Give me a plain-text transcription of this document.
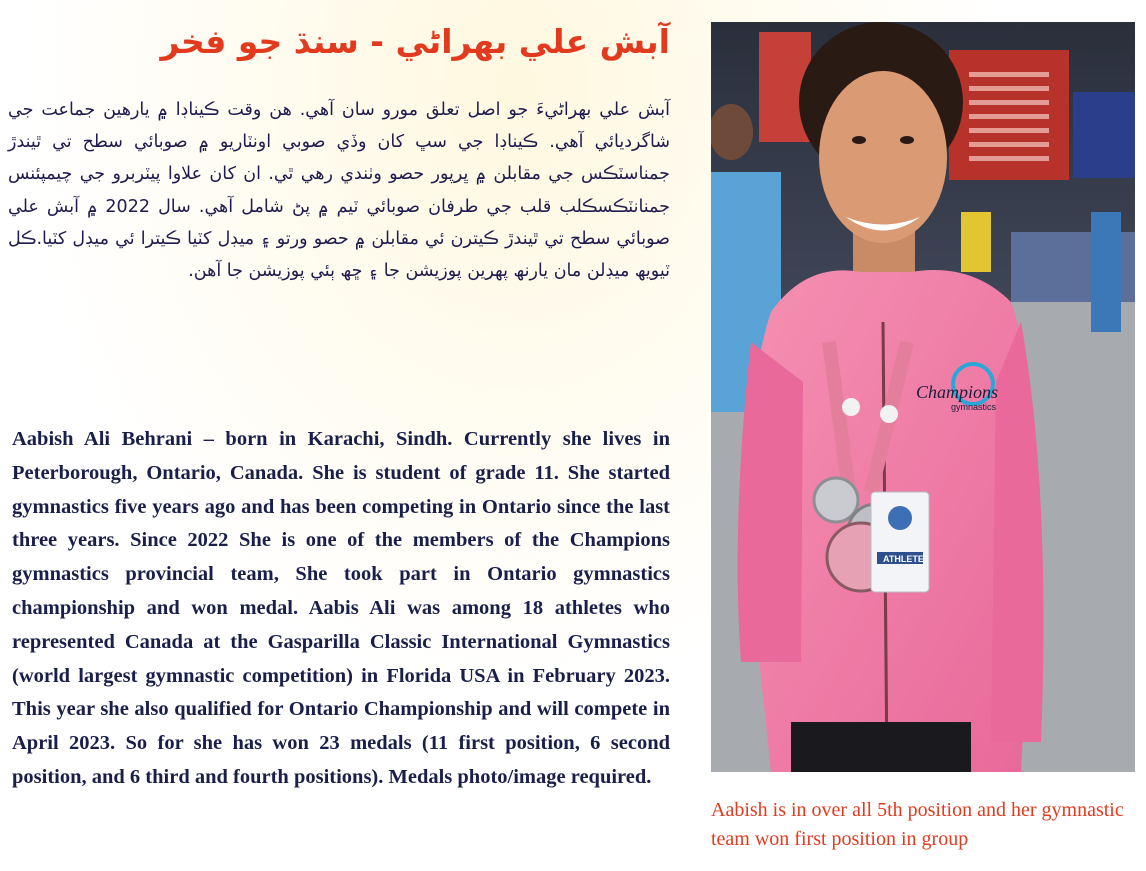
آبش علي بھراڻي - سنڌ جو فخر

آبش علي بھراڻيءَ جو اصل تعلق مورو سان آھي. ھن وقت ڪيناڊا ۾ يارھين جماعت جي شاگرديائي آھي. ڪيناڊا جي سڀ کان وڏي صوبي اونٽاريو ۾ صوبائي سطح تي ٿيندڙ جمناسٽڪس جي مقابلن ۾ ڀرپور حصو وٺندي رھي ٿي. ان کان علاوا پيٽربرو جي چيمپئنس جمنانٽڪسڪلب قلب جي طرفان صوبائي ٽيم ۾ پڻ شامل آھي. سال 2022 ۾ آبش علي صوبائي سطح تي ٿيندڙ ڪيترن ئي مقابلن ۾ حصو ورتو ۽ ميڊل کٽيا ڪيترا ئي ميڊل کٽيا.ڪل ٽيويھ ميڊلن مان يارنھ پھرين پوزيشن جا ۽ ڇھ ٻئي پوزيشن جا آھن.

Aabish Ali Behrani – born in Karachi, Sindh. Currently she lives in Peterborough, Ontario, Canada. She is student of grade 11. She started gymnastics five years ago and has been competing in Ontario since the last three years. Since 2022 She is one of the members of the Champions gymnastics provincial team, She took part in Ontario gymnastics championship and won medal. Aabis Ali was among 18 athletes who represented Canada at the Gasparilla Classic International Gymnastics (world largest gymnastic competition) in Florida USA in February 2023. This year she also qualified for Ontario Championship and will compete in April 2023. So for she has won 23 medals (11 first position, 6 second position, and 6 third and fourth positions). Medals photo/image required.

Champions
gymnastics
ATHLETE

Aabish is in over all 5th position and her gymnastic team won first position in group
